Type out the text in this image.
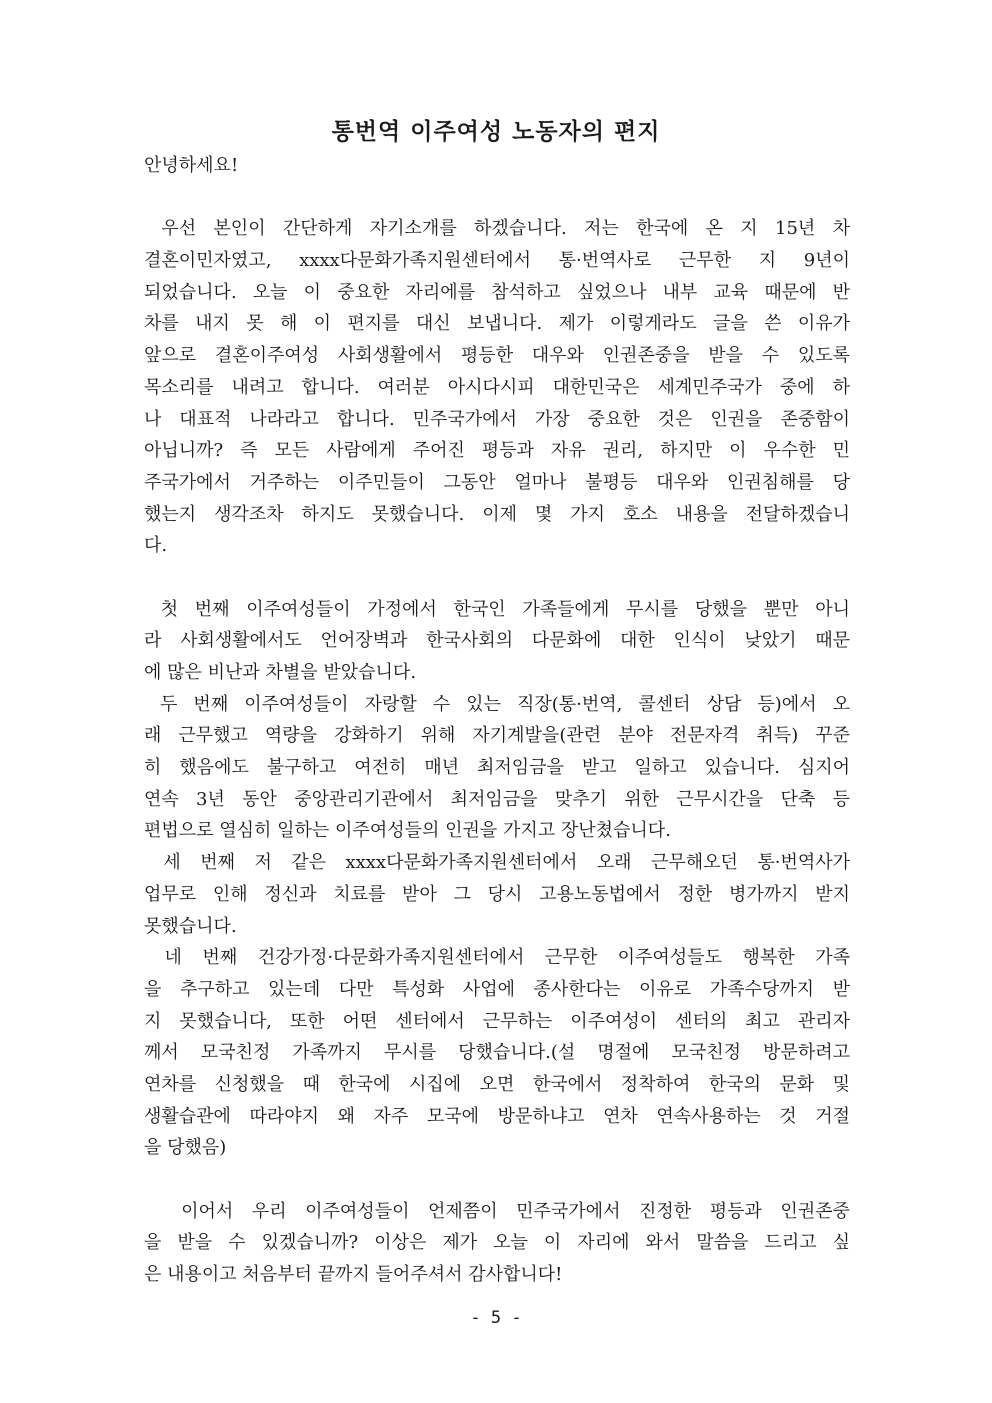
통번역 이주여성 노동자의 편지
안녕하세요!
우선 본인이 간단하게 자기소개를 하겠습니다. 저는 한국에 온 지 15년 차
결혼이민자였고, xxxx다문화가족지원센터에서 통·번역사로 근무한 지 9년이
되었습니다. 오늘 이 중요한 자리에를 참석하고 싶었으나 내부 교육 때문에 반
차를 내지 못 해 이 편지를 대신 보냅니다. 제가 이렇게라도 글을 쓴 이유가
앞으로 결혼이주여성 사회생활에서 평등한 대우와 인권존중을 받을 수 있도록
목소리를 내려고 합니다. 여러분 아시다시피 대한민국은 세계민주국가 중에 하
나 대표적 나라라고 합니다. 민주국가에서 가장 중요한 것은 인권을 존중함이
아닙니까? 즉 모든 사람에게 주어진 평등과 자유 권리, 하지만 이 우수한 민
주국가에서 거주하는 이주민들이 그동안 얼마나 불평등 대우와 인권침해를 당
했는지 생각조차 하지도 못했습니다. 이제 몇 가지 호소 내용을 전달하겠습니
다.
첫 번째 이주여성들이 가정에서 한국인 가족들에게 무시를 당했을 뿐만 아니
라 사회생활에서도 언어장벽과 한국사회의 다문화에 대한 인식이 낮았기 때문
에 많은 비난과 차별을 받았습니다.
두 번째 이주여성들이 자랑할 수 있는 직장(통·번역, 콜센터 상담 등)에서 오
래 근무했고 역량을 강화하기 위해 자기계발을(관련 분야 전문자격 취득) 꾸준
히 했음에도 불구하고 여전히 매년 최저임금을 받고 일하고 있습니다. 심지어
연속 3년 동안 중앙관리기관에서 최저임금을 맞추기 위한 근무시간을 단축 등
편법으로 열심히 일하는 이주여성들의 인권을 가지고 장난쳤습니다.
세 번째 저 같은 xxxx다문화가족지원센터에서 오래 근무해오던 통·번역사가
업무로 인해 정신과 치료를 받아 그 당시 고용노동법에서 정한 병가까지 받지
못했습니다.
네 번째 건강가정·다문화가족지원센터에서 근무한 이주여성들도 행복한 가족
을 추구하고 있는데 다만 특성화 사업에 종사한다는 이유로 가족수당까지 받
지 못했습니다, 또한 어떤 센터에서 근무하는 이주여성이 센터의 최고 관리자
께서 모국친정 가족까지 무시를 당했습니다.(설 명절에 모국친정 방문하려고
연차를 신청했을 때 한국에 시집에 오면 한국에서 정착하여 한국의 문화 및
생활습관에 따라야지 왜 자주 모국에 방문하냐고 연차 연속사용하는 것 거절
을 당했음)
이어서 우리 이주여성들이 언제쯤이 민주국가에서 진정한 평등과 인권존중
을 받을 수 있겠습니까? 이상은 제가 오늘 이 자리에 와서 말씀을 드리고 싶
은 내용이고 처음부터 끝까지 들어주셔서 감사합니다!
- 5 -
